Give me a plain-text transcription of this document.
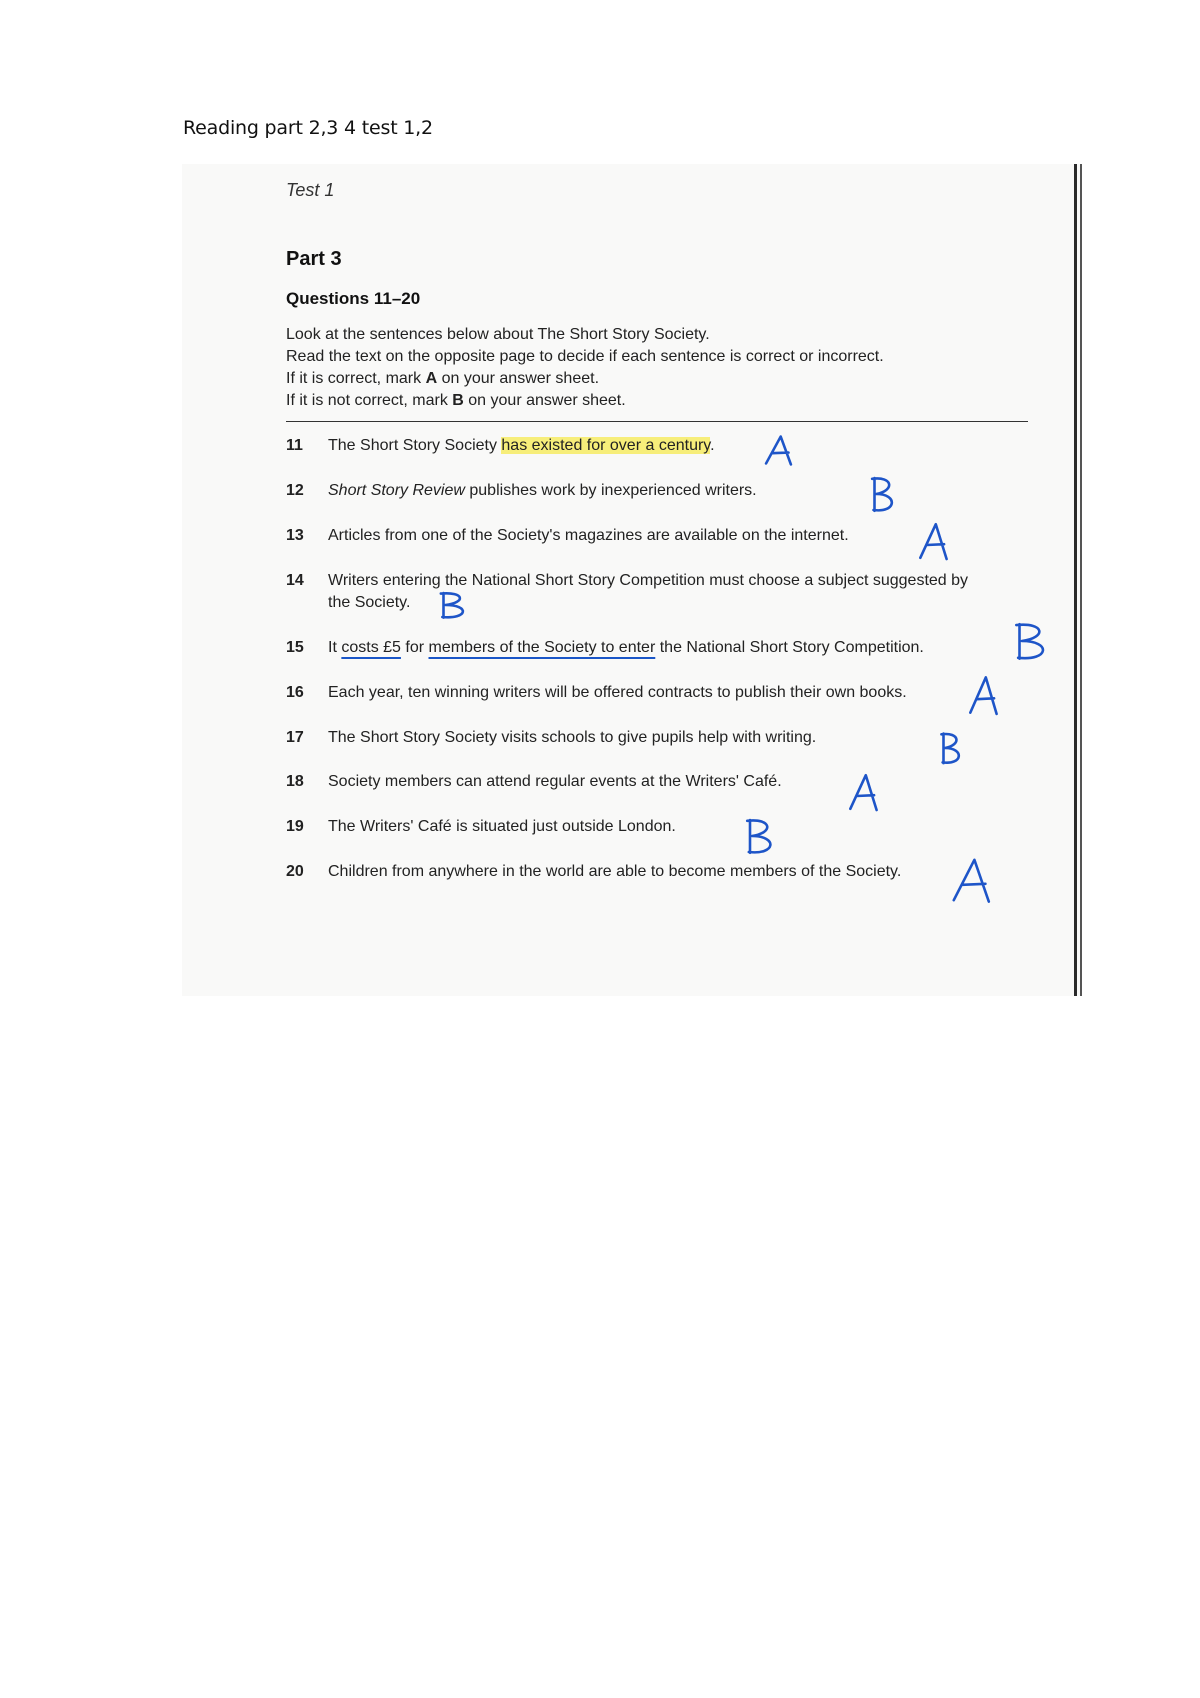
Reading part 2,3 4 test 1,2
Test 1
Part 3
Questions 11–20
Look at the sentences below about The Short Story Society.
Read the text on the opposite page to decide if each sentence is correct or incorrect.
If it is correct, mark A on your answer sheet.
If it is not correct, mark B on your answer sheet.
11	The Short Story Society has existed for over a century.
12	Short Story Review publishes work by inexperienced writers.
13	Articles from one of the Society's magazines are available on the internet.
14	Writers entering the National Short Story Competition must choose a subject suggested by
the Society.
15	It costs £5 for members of the Society to enter the National Short Story Competition.
16	Each year, ten winning writers will be offered contracts to publish their own books.
17	The Short Story Society visits schools to give pupils help with writing.
18	Society members can attend regular events at the Writers' Café.
19	The Writers' Café is situated just outside London.
20	Children from anywhere in the world are able to become members of the Society.
